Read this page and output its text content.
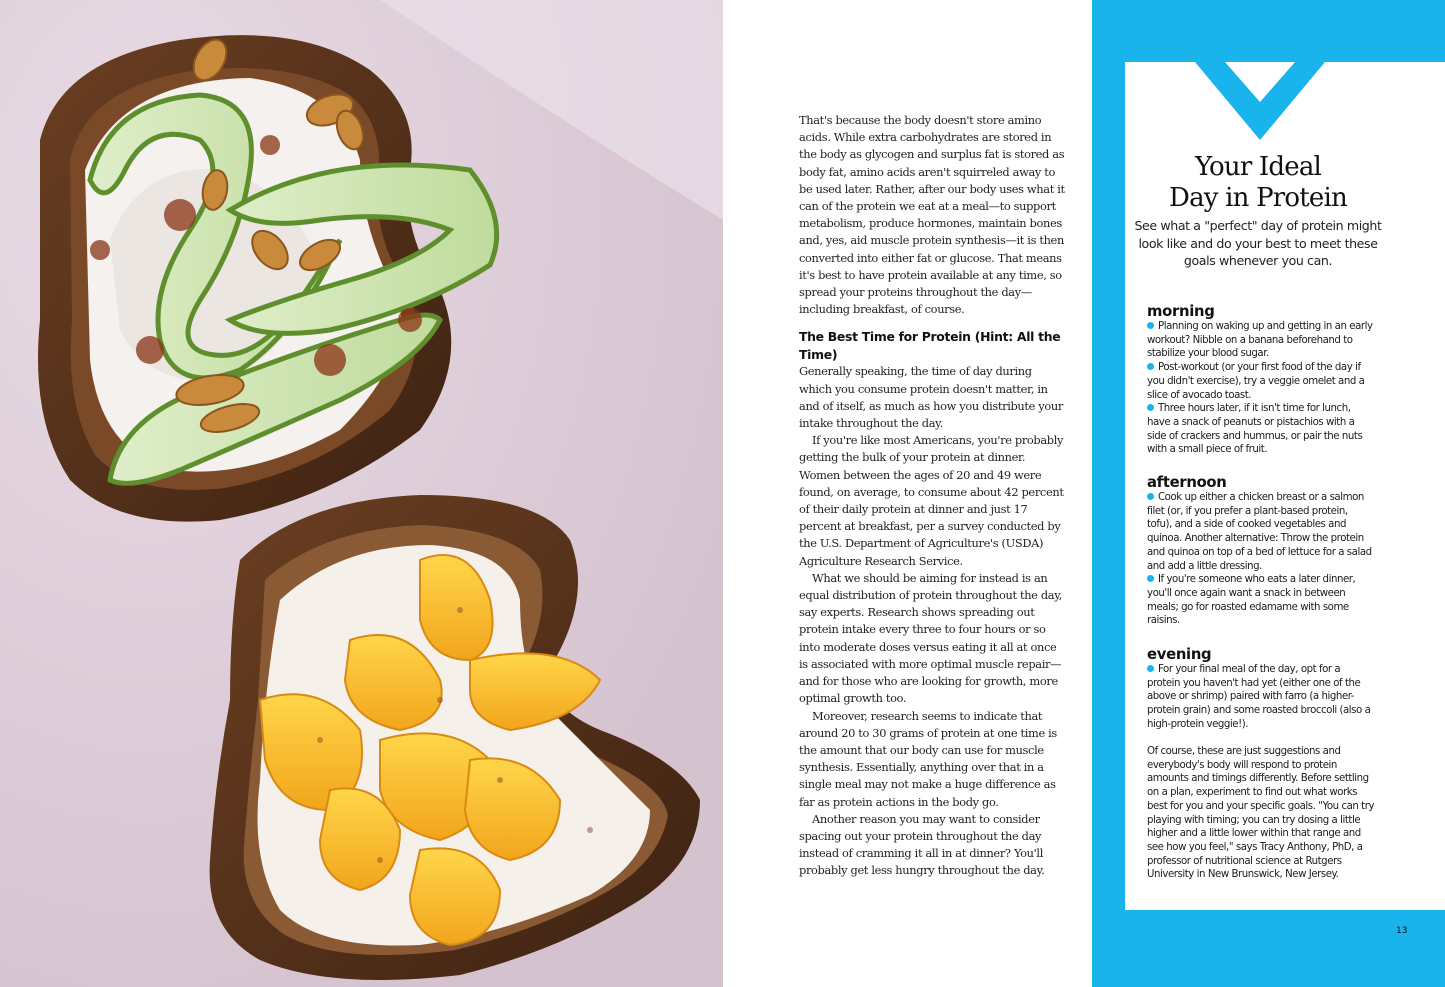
That's because the body doesn't store amino acids. While extra carbohydrates are stored in the body as glycogen and surplus fat is stored as body fat, amino acids aren't squirreled away to be used later. Rather, after our body uses what it can of the protein we eat at a meal—to support metabolism, produce hormones, maintain bones and, yes, aid muscle protein synthesis—it is then converted into either fat or glucose. That means it's best to have protein available at any time, so spread your proteins throughout the day—including breakfast, of course.

The Best Time for Protein (Hint: All the Time)

Generally speaking, the time of day during which you consume protein doesn't matter, in and of itself, as much as how you distribute your intake throughout the day.

If you're like most Americans, you're probably getting the bulk of your protein at dinner. Women between the ages of 20 and 49 were found, on average, to consume about 42 percent of their daily protein at dinner and just 17 percent at breakfast, per a survey conducted by the U.S. Department of Agriculture's (USDA) Agriculture Research Service.

What we should be aiming for instead is an equal distribution of protein throughout the day, say experts. Research shows spreading out protein intake every three to four hours or so into moderate doses versus eating it all at once is associated with more optimal muscle repair—and for those who are looking for growth, more optimal growth too.

Moreover, research seems to indicate that around 20 to 30 grams of protein at one time is the amount that our body can use for muscle synthesis. Essentially, anything over that in a single meal may not make a huge difference as far as protein actions in the body go.

Another reason you may want to consider spacing out your protein throughout the day instead of cramming it all in at dinner? You'll probably get less hungry throughout the day.

Your Ideal
Day in Protein
See what a "perfect" day of protein might look like and do your best to meet these goals whenever you can.
morning
Planning on waking up and getting in an early workout? Nibble on a banana beforehand to stabilize your blood sugar.
Post-workout (or your first food of the day if you didn't exercise), try a veggie omelet and a slice of avocado toast.
Three hours later, if it isn't time for lunch, have a snack of peanuts or pistachios with a side of crackers and hummus, or pair the nuts with a small piece of fruit.
afternoon
Cook up either a chicken breast or a salmon filet (or, if you prefer a plant-based protein, tofu), and a side of cooked vegetables and quinoa. Another alternative: Throw the protein and quinoa on top of a bed of lettuce for a salad and add a little dressing.
If you're someone who eats a later dinner, you'll once again want a snack in between meals; go for roasted edamame with some raisins.
evening
For your final meal of the day, opt for a protein you haven't had yet (either one of the above or shrimp) paired with farro (a higher-protein grain) and some roasted broccoli (also a high-protein veggie!).
Of course, these are just suggestions and everybody's body will respond to protein amounts and timings differently. Before settling on a plan, experiment to find out what works best for you and your specific goals. "You can try playing with timing; you can try dosing a little higher and a little lower within that range and see how you feel," says Tracy Anthony, PhD, a professor of nutritional science at Rutgers University in New Brunswick, New Jersey.
13
